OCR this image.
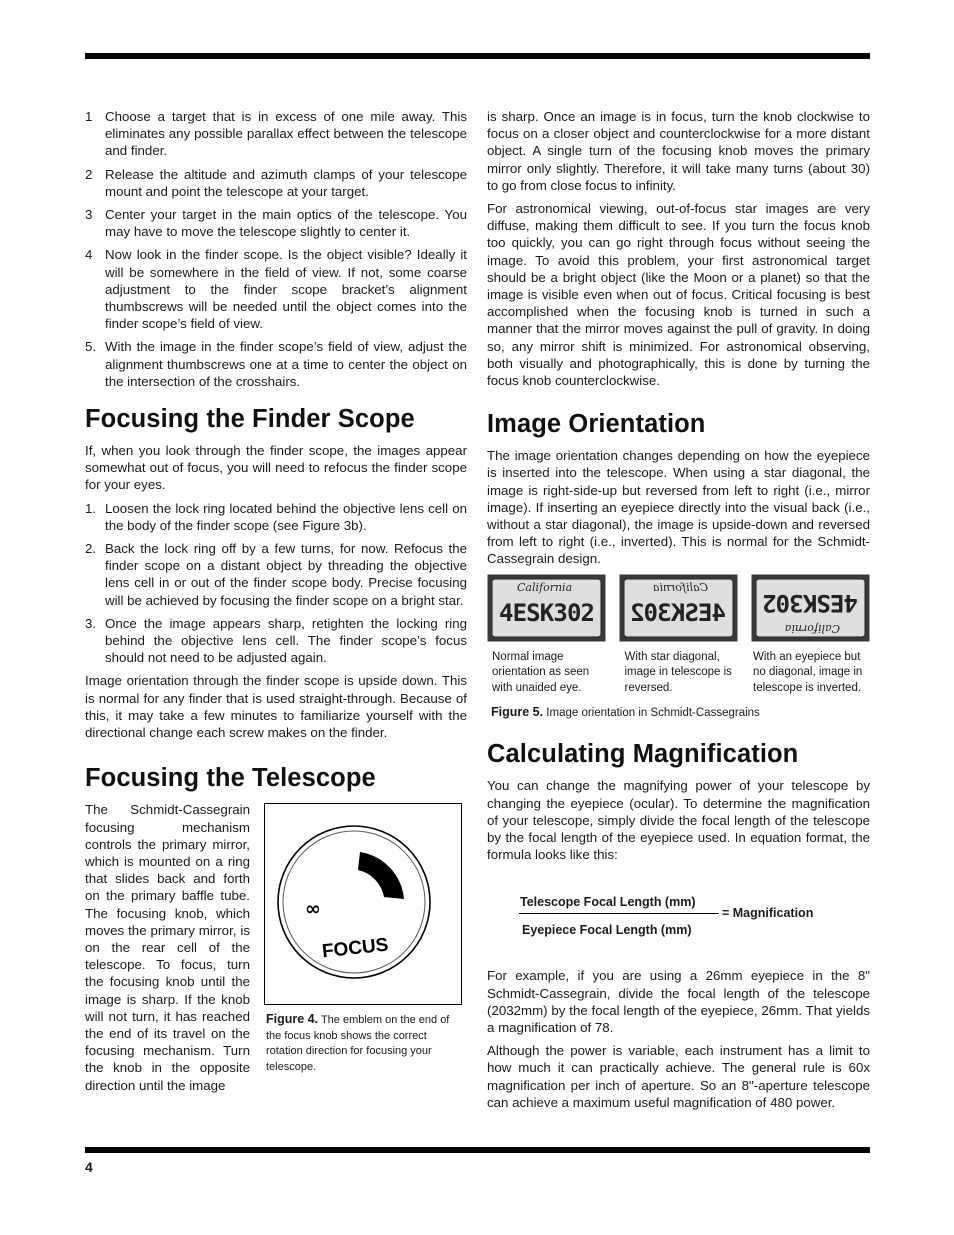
1 Choose a target that is in excess of one mile away. This eliminates any possible parallax effect between the telescope and finder.
2 Release the altitude and azimuth clamps of your telescope mount and point the telescope at your target.
3 Center your target in the main optics of the telescope. You may have to move the telescope slightly to center it.
4 Now look in the finder scope. Is the object visible? Ideally it will be somewhere in the field of view. If not, some coarse adjustment to the finder scope bracket’s alignment thumbscrews will be needed until the object comes into the finder scope’s field of view.
5. With the image in the finder scope’s field of view, adjust the alignment thumbscrews one at a time to center the object on the intersection of the crosshairs.
Focusing the Finder Scope

If, when you look through the finder scope, the images appear somewhat out of focus, you will need to refocus the finder scope for your eyes.

1. Loosen the lock ring located behind the objective lens cell on the body of the finder scope (see Figure 3b).
2. Back the lock ring off by a few turns, for now. Refocus the finder scope on a distant object by threading the objective lens cell in or out of the finder scope body. Precise focusing will be achieved by focusing the finder scope on a bright star.
3. Once the image appears sharp, retighten the locking ring behind the objective lens cell. The finder scope’s focus should not need to be adjusted again.

Image orientation through the finder scope is upside down. This is normal for any finder that is used straight-through. Because of this, it may take a few minutes to familiarize yourself with the directional change each screw makes on the finder.

Focusing the Telescope

The Schmidt-Cassegrain focusing mechanism controls the primary mirror, which is mounted on a ring that slides back and forth on the primary baffle tube. The focusing knob, which moves the primary mirror, is on the rear cell of the telescope. To focus, turn the focusing knob until the image is sharp. If the knob will not turn, it has reached the end of its travel on the focusing mechanism. Turn the knob in the opposite direction until the image

∞
FOCUS
Figure 4. The emblem on the end of the focus knob shows the correct rotation direction for focusing your telescope.

is sharp. Once an image is in focus, turn the knob clockwise to focus on a closer object and counterclockwise for a more distant object. A single turn of the focusing knob moves the primary mirror only slightly. Therefore, it will take many turns (about 30) to go from close focus to infinity.

For astronomical viewing, out-of-focus star images are very diffuse, making them difficult to see. If you turn the focus knob too quickly, you can go right through focus without seeing the image. To avoid this problem, your first astronomical target should be a bright object (like the Moon or a planet) so that the image is visible even when out of focus. Critical focusing is best accomplished when the focusing knob is turned in such a manner that the mirror moves against the pull of gravity. In doing so, any mirror shift is minimized. For astronomical observing, both visually and photographically, this is done by turning the focus knob counterclockwise.

Image Orientation

The image orientation changes depending on how the eyepiece is inserted into the telescope. When using a star diagonal, the image is right-side-up but reversed from left to right (i.e., mirror image). If inserting an eyepiece directly into the visual back (i.e., without a star diagonal), the image is upside-down and reversed from left to right (i.e., inverted). This is normal for the Schmidt-Cassegrain design.

California
4ESK302
California
4ESK302
California
4ESK302
Normal image orientation as seen with unaided eye.
With star diagonal, image in telescope is reversed.
With an eyepiece but no diagonal, image in telescope is inverted.
Figure 5. Image orientation in Schmidt-Cassegrains
Calculating Magnification

You can change the magnifying power of your telescope by changing the eyepiece (ocular). To determine the magnification of your telescope, simply divide the focal length of the telescope by the focal length of the eyepiece used. In equation format, the formula looks like this:

Telescope Focal Length (mm)
= Magnification
Eyepiece Focal Length (mm)

For example, if you are using a 26mm eyepiece in the 8" Schmidt-Cassegrain, divide the focal length of the telescope (2032mm) by the focal length of the eyepiece, 26mm. That yields a magnification of 78.

Although the power is variable, each instrument has a limit to how much it can practically achieve. The general rule is 60x magnification per inch of aperture. So an 8"-aperture telescope can achieve a maximum useful magnification of 480 power.

4
